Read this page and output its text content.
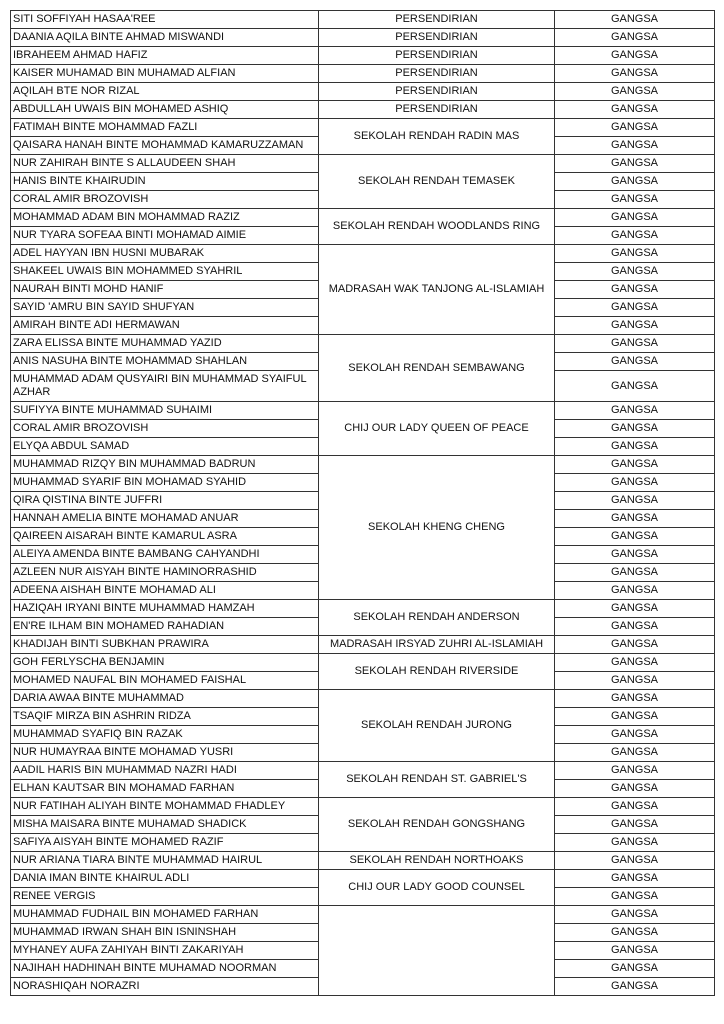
SITI SOFFIYAH HASAA'REE	PERSENDIRIAN	GANGSA
DAANIA AQILA BINTE AHMAD MISWANDI	PERSENDIRIAN	GANGSA
IBRAHEEM AHMAD HAFIZ	PERSENDIRIAN	GANGSA
KAISER MUHAMAD BIN MUHAMAD ALFIAN	PERSENDIRIAN	GANGSA
AQILAH BTE NOR RIZAL	PERSENDIRIAN	GANGSA
ABDULLAH UWAIS BIN MOHAMED ASHIQ	PERSENDIRIAN	GANGSA
FATIMAH BINTE MOHAMMAD FAZLI	SEKOLAH RENDAH RADIN MAS	GANGSA
QAISARA HANAH BINTE MOHAMMAD KAMARUZZAMAN		GANGSA
NUR ZAHIRAH BINTE S ALLAUDEEN SHAH	SEKOLAH RENDAH TEMASEK	GANGSA
HANIS BINTE KHAIRUDIN		GANGSA
CORAL AMIR BROZOVISH		GANGSA
MOHAMMAD ADAM BIN MOHAMMAD RAZIZ	SEKOLAH RENDAH WOODLANDS RING	GANGSA
NUR TYARA SOFEAA BINTI MOHAMAD AIMIE		GANGSA
ADEL HAYYAN IBN HUSNI MUBARAK	MADRASAH WAK TANJONG AL-ISLAMIAH	GANGSA
SHAKEEL UWAIS BIN MOHAMMED SYAHRIL		GANGSA
NAURAH BINTI MOHD HANIF		GANGSA
SAYID 'AMRU BIN SAYID SHUFYAN		GANGSA
AMIRAH BINTE ADI HERMAWAN		GANGSA
ZARA ELISSA BINTE MUHAMMAD YAZID	SEKOLAH RENDAH SEMBAWANG	GANGSA
ANIS NASUHA BINTE MOHAMMAD SHAHLAN		GANGSA
MUHAMMAD ADAM QUSYAIRI BIN MUHAMMAD SYAIFUL AZHAR		GANGSA
SUFIYYA BINTE MUHAMMAD SUHAIMI	CHIJ OUR LADY QUEEN OF PEACE	GANGSA
CORAL AMIR BROZOVISH		GANGSA
ELYQA ABDUL SAMAD		GANGSA
MUHAMMAD RIZQY BIN MUHAMMAD BADRUN	SEKOLAH KHENG CHENG	GANGSA
MUHAMMAD SYARIF BIN MOHAMAD SYAHID		GANGSA
QIRA QISTINA BINTE JUFFRI		GANGSA
HANNAH AMELIA BINTE MOHAMAD ANUAR		GANGSA
QAIREEN AISARAH BINTE KAMARUL ASRA		GANGSA
ALEIYA AMENDA BINTE BAMBANG CAHYANDHI		GANGSA
AZLEEN NUR AISYAH BINTE HAMINORRASHID		GANGSA
ADEENA AISHAH BINTE MOHAMAD ALI		GANGSA
HAZIQAH IRYANI BINTE MUHAMMAD HAMZAH	SEKOLAH RENDAH ANDERSON	GANGSA
EN'RE ILHAM BIN MOHAMED RAHADIAN		GANGSA
KHADIJAH BINTI SUBKHAN PRAWIRA	MADRASAH IRSYAD ZUHRI AL-ISLAMIAH	GANGSA
GOH FERLYSCHA BENJAMIN	SEKOLAH RENDAH RIVERSIDE	GANGSA
MOHAMED NAUFAL BIN MOHAMED FAISHAL		GANGSA
DARIA AWAA BINTE MUHAMMAD	SEKOLAH RENDAH JURONG	GANGSA
TSAQIF MIRZA BIN ASHRIN RIDZA		GANGSA
MUHAMMAD SYAFIQ BIN RAZAK		GANGSA
NUR HUMAYRAA BINTE MOHAMAD YUSRI		GANGSA
AADIL HARIS BIN MUHAMMAD NAZRI HADI	SEKOLAH RENDAH ST. GABRIEL'S	GANGSA
ELHAN KAUTSAR BIN MOHAMAD FARHAN		GANGSA
NUR FATIHAH ALIYAH BINTE MOHAMMAD FHADLEY	SEKOLAH RENDAH GONGSHANG	GANGSA
MISHA MAISARA BINTE MUHAMAD SHADICK		GANGSA
SAFIYA AISYAH BINTE MOHAMED RAZIF		GANGSA
NUR ARIANA TIARA BINTE MUHAMMAD HAIRUL	SEKOLAH RENDAH NORTHOAKS	GANGSA
DANIA IMAN BINTE KHAIRUL ADLI	CHIJ OUR LADY GOOD COUNSEL	GANGSA
RENEE VERGIS		GANGSA
MUHAMMAD FUDHAIL BIN MOHAMED FARHAN		GANGSA
MUHAMMAD IRWAN SHAH BIN ISNINSHAH		GANGSA
MYHANEY AUFA ZAHIYAH BINTI ZAKARIYAH		GANGSA
NAJIHAH HADHINAH BINTE MUHAMAD NOORMAN		GANGSA
NORASHIQAH NORAZRI		GANGSA
